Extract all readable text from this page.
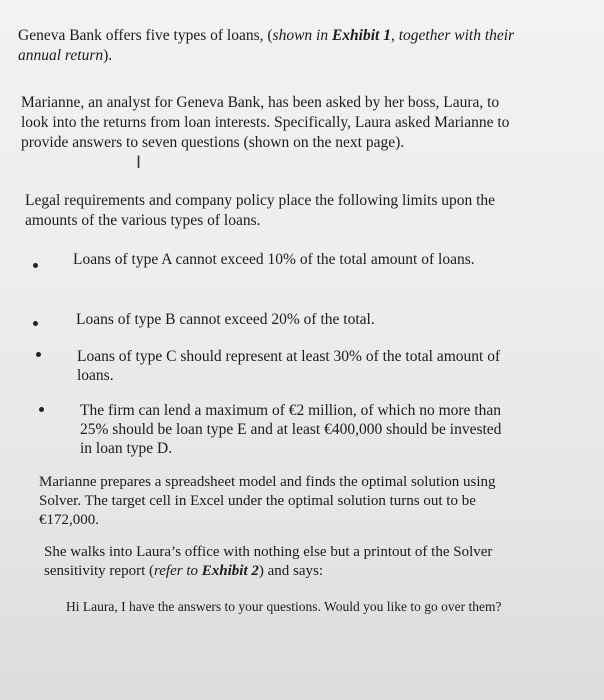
Geneva Bank offers five types of loans, (shown in Exhibit 1, together with their annual return).

Marianne, an analyst for Geneva Bank, has been asked by her boss, Laura, to look into the returns from loan interests. Specifically, Laura asked Marianne to provide answers to seven questions (shown on the next page).

I

Legal requirements and company policy place the following limits upon the amounts of the various types of loans.

Loans of type A cannot exceed 10% of the total amount of loans.

Loans of type B cannot exceed 20% of the total.

Loans of type C should represent at least 30% of the total amount of loans.

The firm can lend a maximum of €2 million, of which no more than 25% should be loan type E and at least €400,000 should be invested in loan type D.

Marianne prepares a spreadsheet model and finds the optimal solution using Solver. The target cell in Excel under the optimal solution turns out to be €172,000.

She walks into Laura’s office with nothing else but a printout of the Solver sensitivity report (refer to Exhibit 2) and says:

Hi Laura, I have the answers to your questions. Would you like to go over them?
